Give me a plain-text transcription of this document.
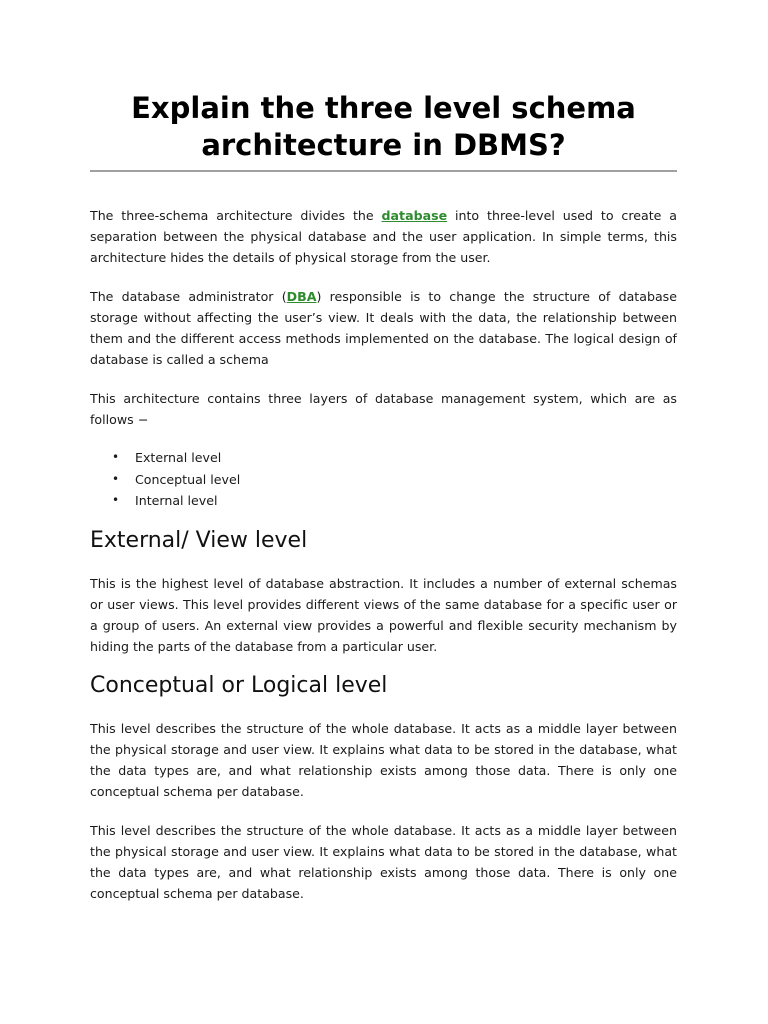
Explain the three level schema architecture in DBMS?

The three-schema architecture divides the database into three-level used to create a separation between the physical database and the user application. In simple terms, this architecture hides the details of physical storage from the user.

The database administrator (DBA) responsible is to change the structure of database storage without affecting the user’s view. It deals with the data, the relationship between them and the different access methods implemented on the database. The logical design of database is called a schema

This architecture contains three layers of database management system, which are as follows −

• External level
• Conceptual level
• Internal level
External/ View level

This is the highest level of database abstraction. It includes a number of external schemas or user views. This level provides different views of the same database for a specific user or a group of users. An external view provides a powerful and flexible security mechanism by hiding the parts of the database from a particular user.

Conceptual or Logical level

This level describes the structure of the whole database. It acts as a middle layer between the physical storage and user view. It explains what data to be stored in the database, what the data types are, and what relationship exists among those data. There is only one conceptual schema per database.

This level describes the structure of the whole database. It acts as a middle layer between the physical storage and user view. It explains what data to be stored in the database, what the data types are, and what relationship exists among those data. There is only one conceptual schema per database.
